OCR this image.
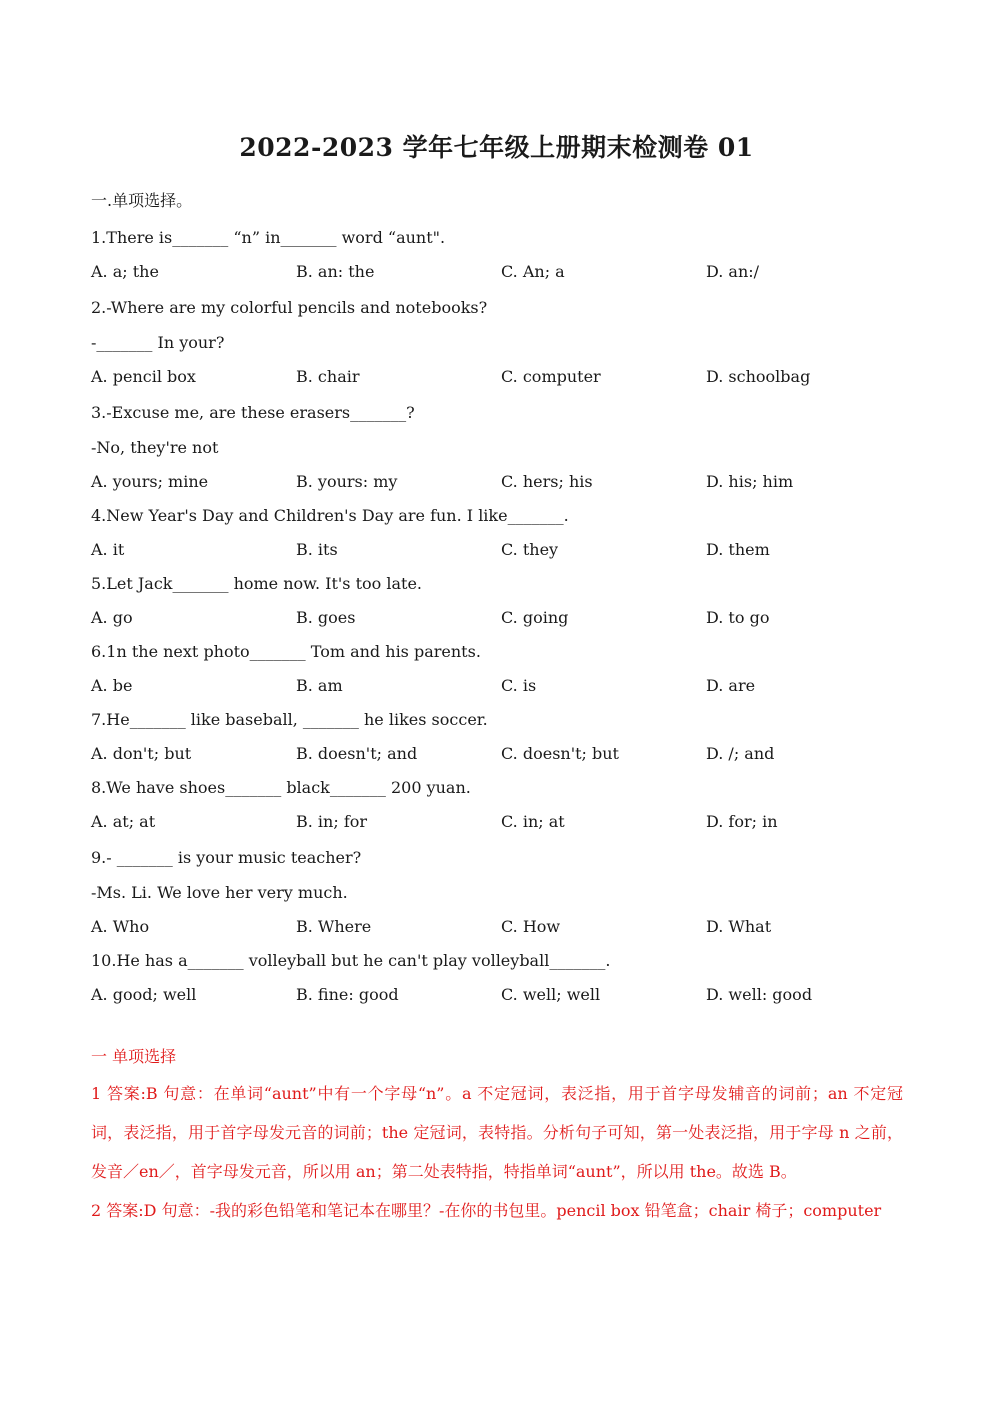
2022-2023 学年七年级上册期末检测卷 01
一.单项选择。
1.There is_______ “n” in_______ word “aunt".
A. a; the	B. an: the	C. An; a	D. an:/
2.-Where are my colorful pencils and notebooks?
-_______ In your?
A. pencil box	B. chair	C. computer	D. schoolbag
3.-Excuse me, are these erasers_______?
-No, they're not
A. yours; mine	B. yours: my	C. hers; his	D. his; him
4.New Year's Day and Children's Day are fun. I like_______.
A. it	B. its	C. they	D. them
5.Let Jack_______ home now. It's too late.
A. go	B. goes	C. going	D. to go
6.1n the next photo_______ Tom and his parents.
A. be	B. am	C. is	D. are
7.He_______ like baseball, _______ he likes soccer.
A. don't; but	B. doesn't; and	C. doesn't; but	D. /; and
8.We have shoes_______ black_______ 200 yuan.
A. at; at	B. in; for	C. in; at	D. for; in
9.- _______ is your music teacher?
-Ms. Li. We love her very much.
A. Who	B. Where	C. How	D. What
10.He has a_______ volleyball but he can't play volleyball_______.
A. good; well	B. fine: good	C. well; well	D. well: good
一 单项选择
1 答案:B 句意：在单词“aunt”中有一个字母“n”。a 不定冠词，表泛指，用于首字母发辅音的词前；an 不定冠词，表泛指，用于首字母发元音的词前；the 定冠词，表特指。分析句子可知，第一处表泛指，用于字母 n 之前，发音／en／，首字母发元音，所以用 an；第二处表特指，特指单词“aunt”，所以用 the。故选 B。
2 答案:D 句意：-我的彩色铅笔和笔记本在哪里？-在你的书包里。pencil box 铅笔盒；chair 椅子；computer
